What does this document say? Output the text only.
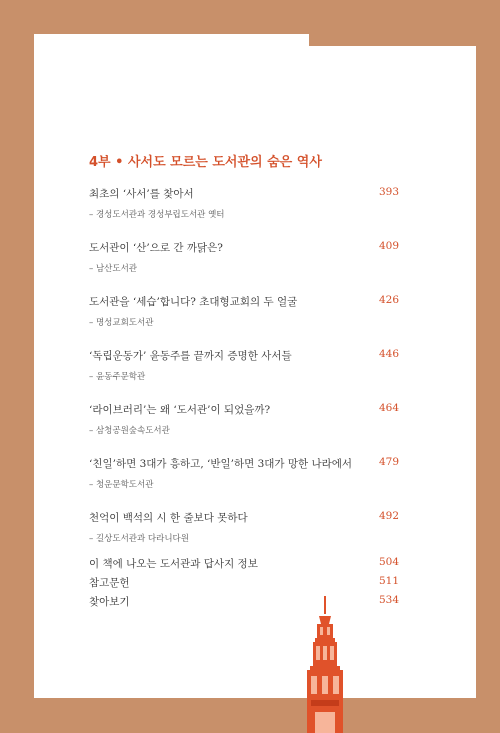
4부 • 사서도 모르는 도서관의 숨은 역사
최초의 ‘사서’를 찾아서	393
– 경성도서관과 경성부립도서관 옛터
도서관이 ‘산’으로 간 까닭은?	409
– 남산도서관
도서관을 ‘세습’합니다? 초대형교회의 두 얼굴	426
– 명성교회도서관
‘독립운동가’ 윤동주를 끝까지 증명한 사서들	446
– 윤동주문학관
‘라이브러리’는 왜 ‘도서관’이 되었을까?	464
– 삼청공원숲속도서관
‘친일’하면 3대가 흥하고, ‘반일’하면 3대가 망한 나라에서	479
– 청운문학도서관
천억이 백석의 시 한 줄보다 못하다	492
– 길상도서관과 다라니다원
이 책에 나오는 도서관과 답사지 정보	504
참고문헌	511
찾아보기	534
